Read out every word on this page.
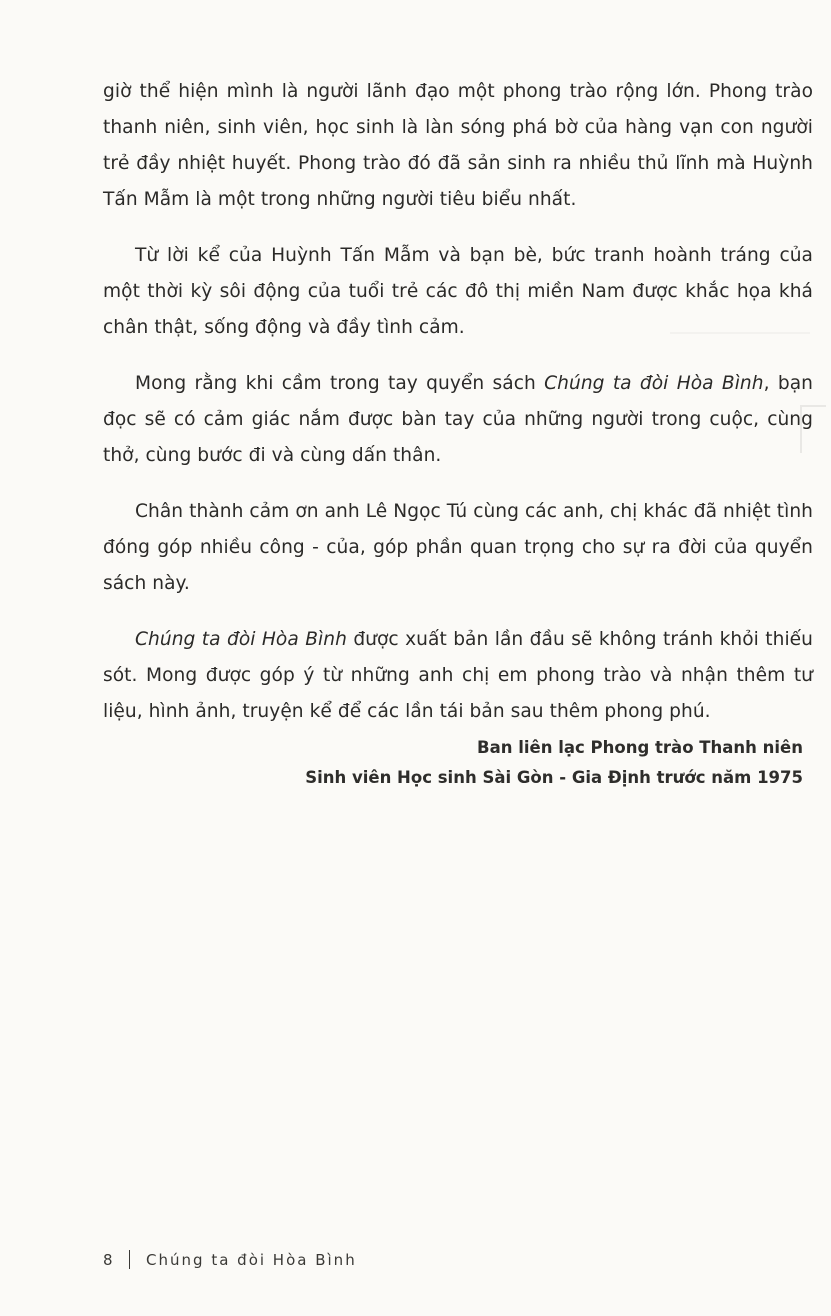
giờ thể hiện mình là người lãnh đạo một phong trào rộng lớn. Phong trào thanh niên, sinh viên, học sinh là làn sóng phá bờ của hàng vạn con người trẻ đầy nhiệt huyết. Phong trào đó đã sản sinh ra nhiều thủ lĩnh mà Huỳnh Tấn Mẫm là một trong những người tiêu biểu nhất.

Từ lời kể của Huỳnh Tấn Mẫm và bạn bè, bức tranh hoành tráng của một thời kỳ sôi động của tuổi trẻ các đô thị miền Nam được khắc họa khá chân thật, sống động và đầy tình cảm.

Mong rằng khi cầm trong tay quyển sách Chúng ta đòi Hòa Bình, bạn đọc sẽ có cảm giác nắm được bàn tay của những người trong cuộc, cùng thở, cùng bước đi và cùng dấn thân.

Chân thành cảm ơn anh Lê Ngọc Tú cùng các anh, chị khác đã nhiệt tình đóng góp nhiều công - của, góp phần quan trọng cho sự ra đời của quyển sách này.

Chúng ta đòi Hòa Bình được xuất bản lần đầu sẽ không tránh khỏi thiếu sót. Mong được góp ý từ những anh chị em phong trào và nhận thêm tư liệu, hình ảnh, truyện kể để các lần tái bản sau thêm phong phú.

Ban liên lạc Phong trào Thanh niên
Sinh viên Học sinh Sài Gòn - Gia Định trước năm 1975
8 Chúng ta đòi Hòa Bình
